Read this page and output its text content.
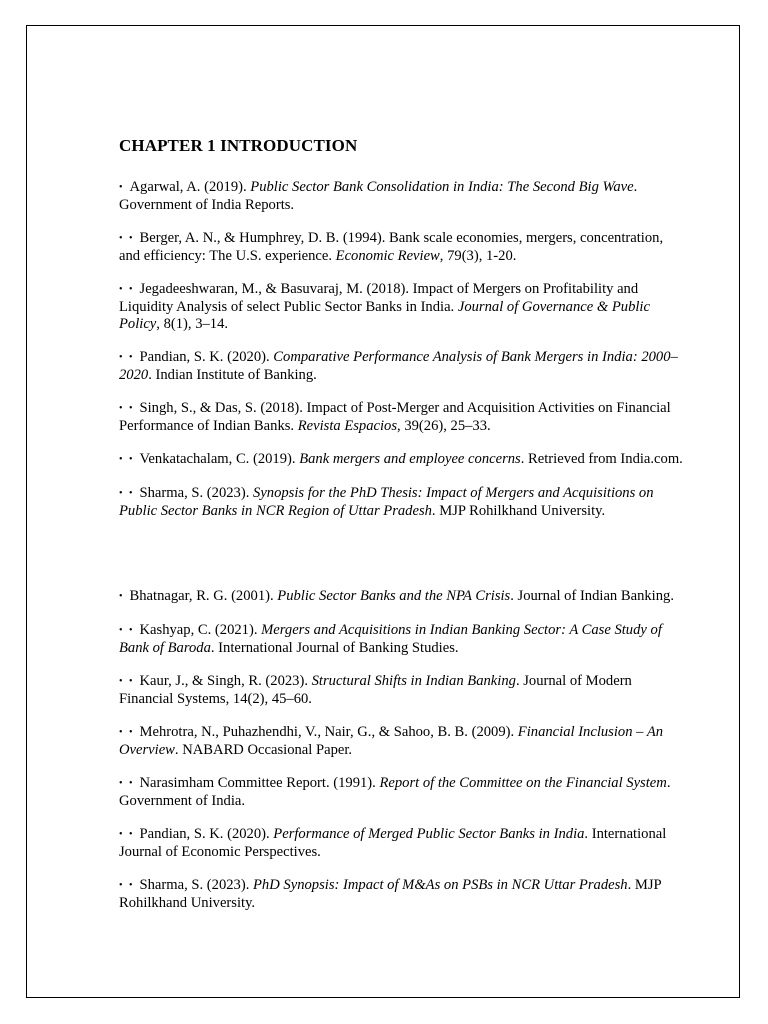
CHAPTER 1 INTRODUCTION

• Agarwal, A. (2019). Public Sector Bank Consolidation in India: The Second Big Wave. Government of India Reports.

• • Berger, A. N., & Humphrey, D. B. (1994). Bank scale economies, mergers, concentration, and efficiency: The U.S. experience. Economic Review, 79(3), 1-20.

• • Jegadeeshwaran, M., & Basuvaraj, M. (2018). Impact of Mergers on Profitability and Liquidity Analysis of select Public Sector Banks in India. Journal of Governance & Public Policy, 8(1), 3–14.

• • Pandian, S. K. (2020). Comparative Performance Analysis of Bank Mergers in India: 2000–2020. Indian Institute of Banking.

• • Singh, S., & Das, S. (2018). Impact of Post-Merger and Acquisition Activities on Financial Performance of Indian Banks. Revista Espacios, 39(26), 25–33.

• • Venkatachalam, C. (2019). Bank mergers and employee concerns. Retrieved from India.com.

• • Sharma, S. (2023). Synopsis for the PhD Thesis: Impact of Mergers and Acquisitions on Public Sector Banks in NCR Region of Uttar Pradesh. MJP Rohilkhand University.

• Bhatnagar, R. G. (2001). Public Sector Banks and the NPA Crisis. Journal of Indian Banking.

• • Kashyap, C. (2021). Mergers and Acquisitions in Indian Banking Sector: A Case Study of Bank of Baroda. International Journal of Banking Studies.

• • Kaur, J., & Singh, R. (2023). Structural Shifts in Indian Banking. Journal of Modern Financial Systems, 14(2), 45–60.

• • Mehrotra, N., Puhazhendhi, V., Nair, G., & Sahoo, B. B. (2009). Financial Inclusion – An Overview. NABARD Occasional Paper.

• • Narasimham Committee Report. (1991). Report of the Committee on the Financial System. Government of India.

• • Pandian, S. K. (2020). Performance of Merged Public Sector Banks in India. International Journal of Economic Perspectives.

• • Sharma, S. (2023). PhD Synopsis: Impact of M&As on PSBs in NCR Uttar Pradesh. MJP Rohilkhand University.
